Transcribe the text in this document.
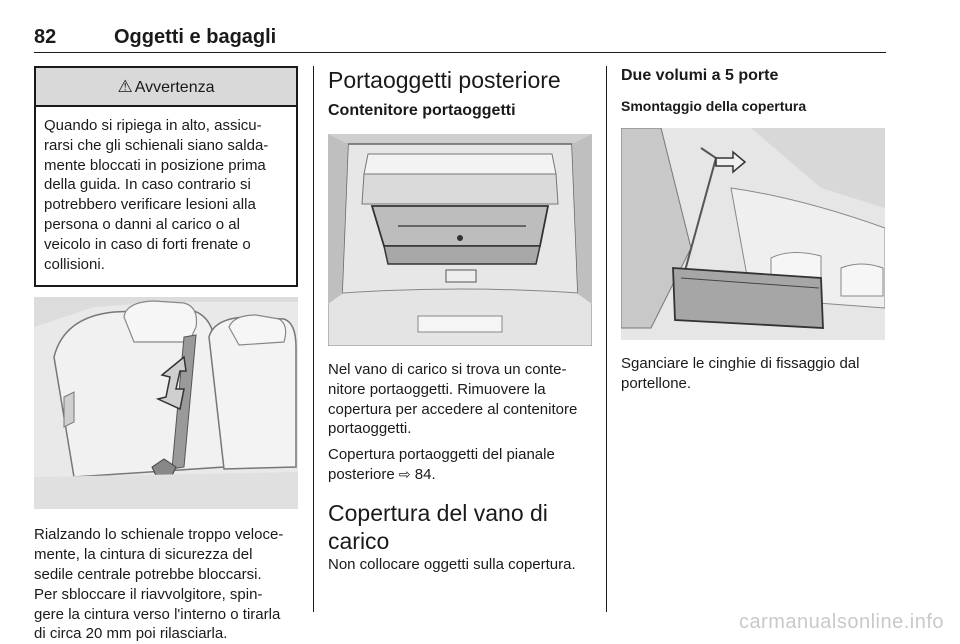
82	Oggetti e bagagli
⚠ Avvertenza
Quando si ripiega in alto, assicu-
rarsi che gli schienali siano salda-
mente bloccati in posizione prima
della guida. In caso contrario si
potrebbero verificare lesioni alla
persona o danni al carico o al
veicolo in caso di forti frenate o
collisioni.

Rialzando lo schienale troppo veloce-

mente, la cintura di sicurezza del

sedile centrale potrebbe bloccarsi.

Per sbloccare il riavvolgitore, spin-

gere la cintura verso l'interno o tirarla

di circa 20 mm poi rilasciarla.

Portaoggetti posteriore
Contenitore portaoggetti

Nel vano di carico si trova un conte-

nitore portaoggetti. Rimuovere la

copertura per accedere al contenitore

portaoggetti.

Copertura portaoggetti del pianale

posteriore ⇨ 84.

Copertura del vano di carico

Non collocare oggetti sulla copertura.

Due volumi a 5 porte
Smontaggio della copertura

Sganciare le cinghie di fissaggio dal

portellone.

carmanualsonline.info
